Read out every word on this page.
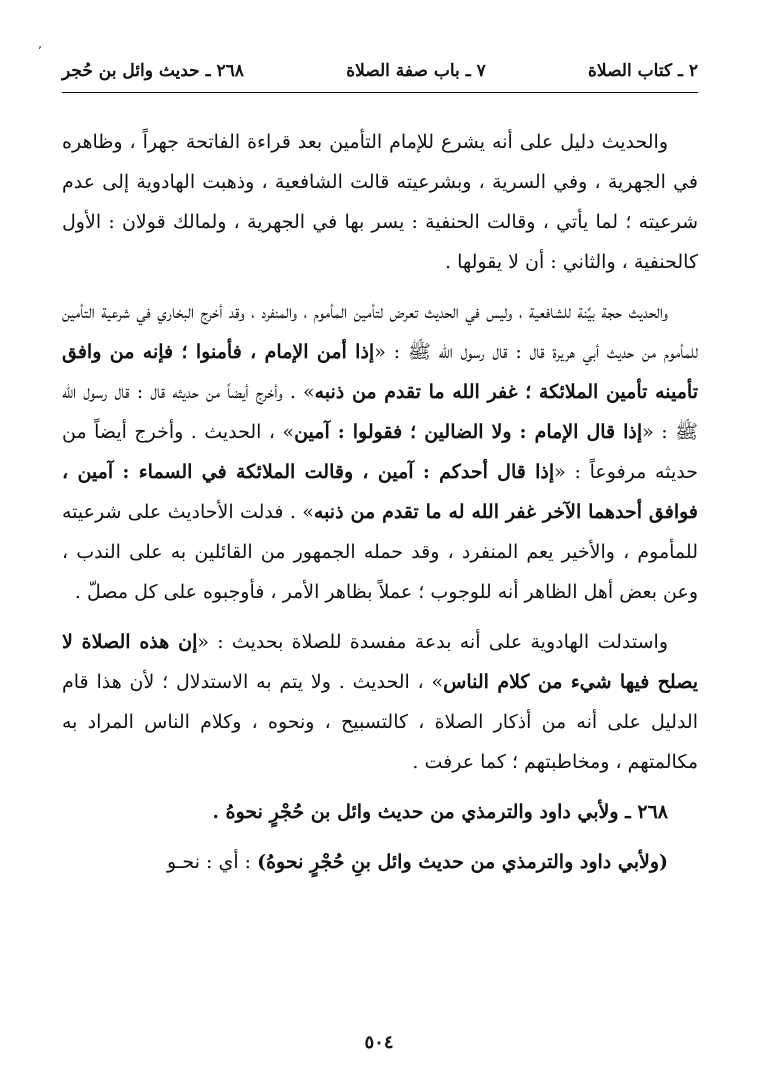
٬
٢ ـ كتاب الصلاة
٧ ـ باب صفة الصلاة
٢٦٨ ـ حديث وائل بن حُجر

والحديث دليل على أنه يشرع للإمام التأمين بعد قراءة الفاتحة جهراً ، وظاهره في الجهرية ، وفي السرية ، وبشرعيته قالت الشافعية ، وذهبت الهادوية إلى عدم شرعيته ؛ لما يأتي ، وقالت الحنفية : يسر بها في الجهرية ، ولمالك قولان : الأول كالحنفية ، والثاني : أن لا يقولها .

والحديث حجة بيِّنة للشافعية ، وليس في الحديث تعرض لتأمين المأموم ، والمنفرد ، وقد أخرج البخاري في شرعية التأمين للمأموم من حديث أبي هريرة قال : قال رسول الله ﷺ : «إذا أمن الإمام ، فأمنوا ؛ فإنه من وافق تأمينه تأمين الملائكة ؛ غفر الله ما تقدم من ذنبه» . وأخرج أيضاً من حديثه قال : قال رسول الله ﷺ : «إذا قال الإمام : ولا الضالين ؛ فقولوا : آمين» ، الحديث . وأخرج أيضاً من حديثه مرفوعاً : «إذا قال أحدكم : آمين ، وقالت الملائكة في السماء : آمين ، فوافق أحدهما الآخر غفر الله له ما تقدم من ذنبه» . فدلت الأحاديث على شرعيته للمأموم ، والأخير يعم المنفرد ، وقد حمله الجمهور من القائلين به على الندب ، وعن بعض أهل الظاهر أنه للوجوب ؛ عملاً بظاهر الأمر ، فأوجبوه على كل مصلّ .

واستدلت الهادوية على أنه بدعة مفسدة للصلاة بحديث : «إن هذه الصلاة لا يصلح فيها شيء من كلام الناس» ، الحديث . ولا يتم به الاستدلال ؛ لأن هذا قام الدليل على أنه من أذكار الصلاة ، كالتسبيح ، ونحوه ، وكلام الناس المراد به مكالمتهم ، ومخاطبتهم ؛ كما عرفت .

٢٦٨ ـ ولأبي داود والترمذي من حديث وائل بن حُجْرٍ نحوهُ .

(ولأبي داود والترمذي من حديث وائل بنِ حُجْرٍ نحوهُ) : أي : نحـو

٥٠٤
